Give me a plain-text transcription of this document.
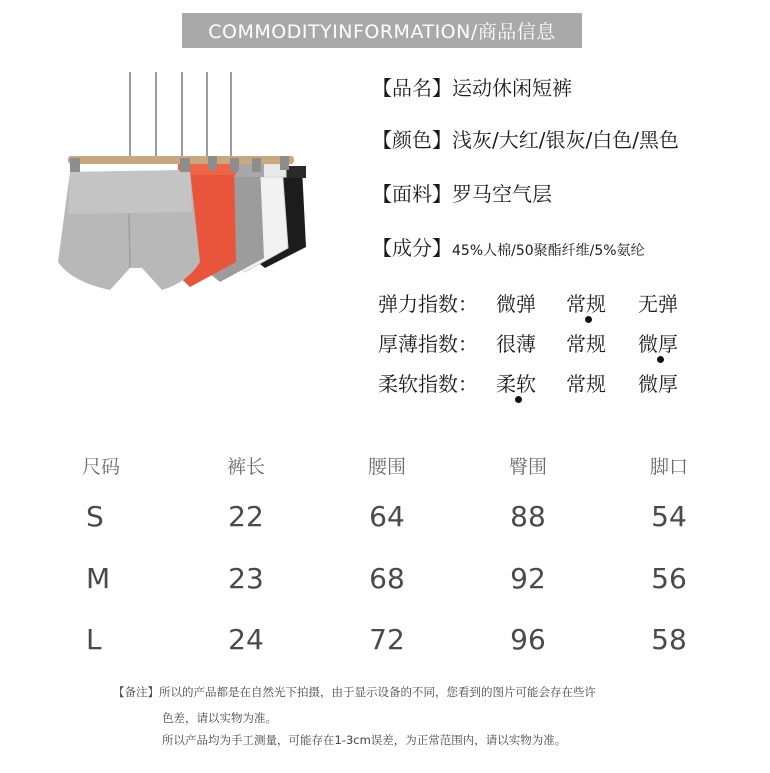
COMMODITYINFORMATION/商品信息
【品名】运动休闲短裤
【颜色】浅灰/大红/银灰/白色/黑色
【面料】罗马空气层
【成分】45%人棉/50聚酯纤维/5%氨纶
弹力指数： 微弹 常规 无弹
厚薄指数： 很薄 常规 微厚
柔软指数： 柔软 常规 微厚
尺码	裤长	腰围	臀围	脚口
S	22	64	88	54
M	23	68	92	56
L	24	72	96	58
【备注】所以的产品都是在自然光下拍摄，由于显示设备的不同，您看到的图片可能会存在些许
色差，请以实物为准。
所以产品均为手工测量，可能存在1-3cm误差，为正常范围内，请以实物为准。
